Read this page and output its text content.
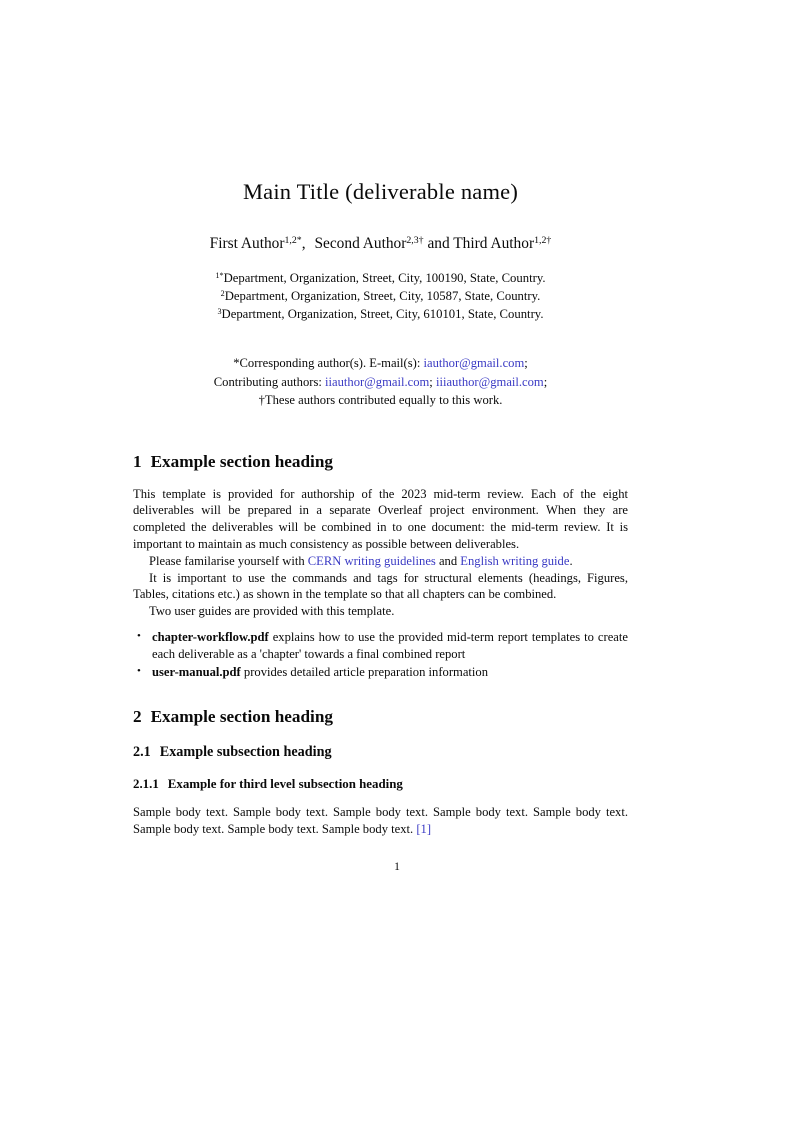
Main Title (deliverable name)
First Author$^{1,2*}$, Second Author$^{2,3\dagger}$ and Third Author$^{1,2\dagger}$
$^{1*}$Department, Organization, Street, City, 100190, State, Country.
$^2$Department, Organization, Street, City, 10587, State, Country.
$^3$Department, Organization, Street, City, 610101, State, Country.
*Corresponding author(s). E-mail(s): iauthor@gmail.com;
Contributing authors: iiauthor@gmail.com; iiiauthor@gmail.com;
†These authors contributed equally to this work.
1 Example section heading

This template is provided for authorship of the 2023 mid-term review. Each of the eight deliverables will be prepared in a separate Overleaf project environment. When they are completed the deliverables will be combined in to one document: the mid-term review. It is important to maintain as much consistency as possible between deliverables.

Please familarise yourself with CERN writing guidelines and English writing guide.

It is important to use the commands and tags for structural elements (headings, Figures, Tables, citations etc.) as shown in the template so that all chapters can be combined.

Two user guides are provided with this template.

• chapter-workflow.pdf explains how to use the provided mid-term report templates to create each deliverable as a 'chapter' towards a final combined report
• user-manual.pdf provides detailed article preparation information
2 Example section heading
2.1 Example subsection heading
2.1.1 Example for third level subsection heading

Sample body text. Sample body text. Sample body text. Sample body text. Sample body text. Sample body text. Sample body text. Sample body text. [1]

1
